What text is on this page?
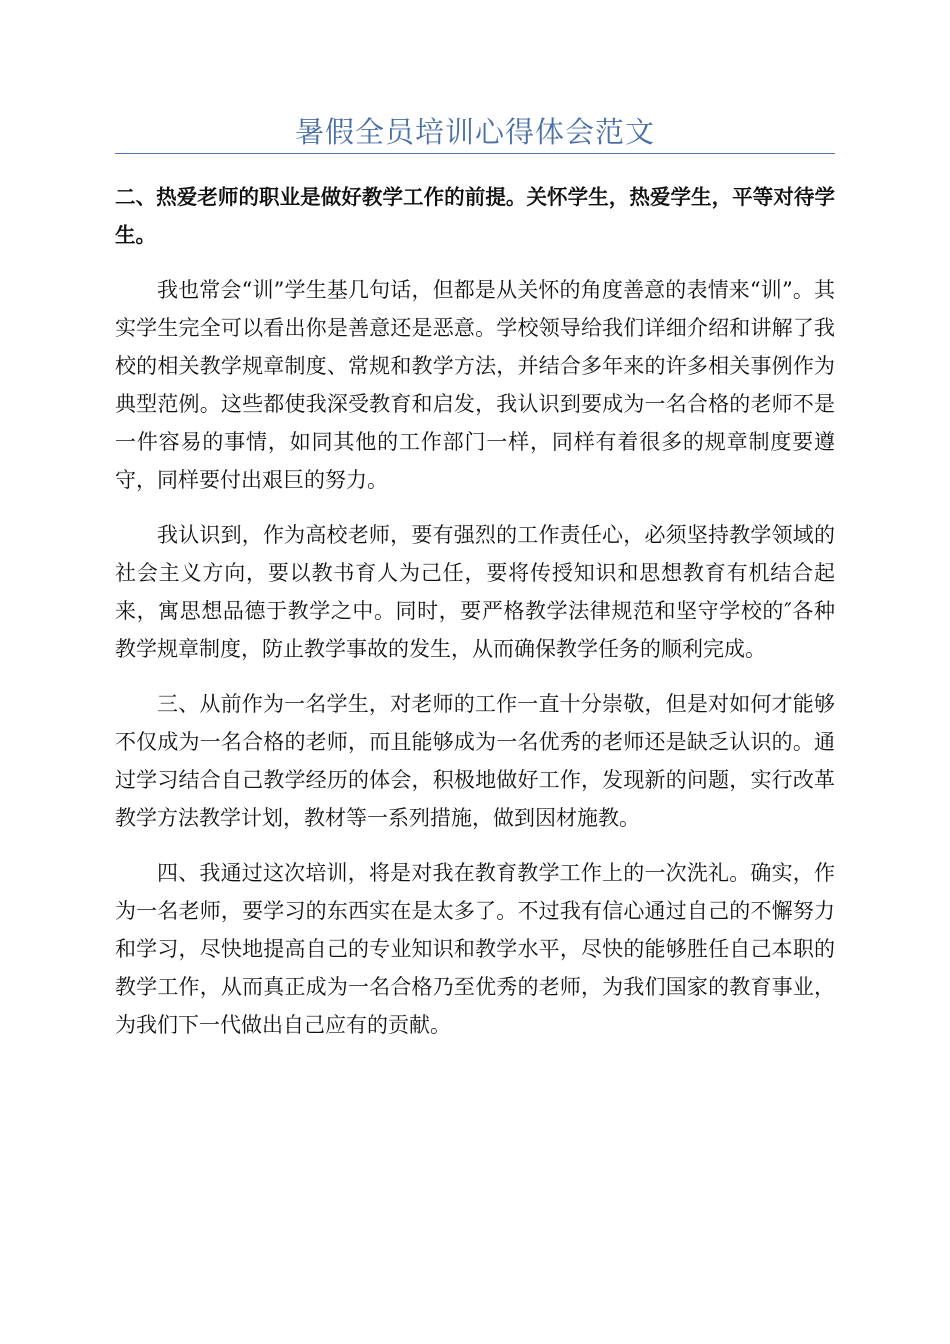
暑假全员培训心得体会范文

二、热爱老师的职业是做好教学工作的前提。关怀学生，热爱学生，平等对待学生。

我也常会“训”学生基几句话，但都是从关怀的角度善意的表情来“训”。其实学生完全可以看出你是善意还是恶意。学校领导给我们详细介绍和讲解了我校的相关教学规章制度、常规和教学方法，并结合多年来的许多相关事例作为典型范例。这些都使我深受教育和启发，我认识到要成为一名合格的老师不是一件容易的事情，如同其他的工作部门一样，同样有着很多的规章制度要遵守，同样要付出艰巨的努力。

我认识到，作为高校老师，要有强烈的工作责任心，必须坚持教学领域的社会主义方向，要以教书育人为己任，要将传授知识和思想教育有机结合起来，寓思想品德于教学之中。同时，要严格教学法律规范和坚守学校的″各种教学规章制度，防止教学事故的发生，从而确保教学任务的顺利完成。

三、从前作为一名学生，对老师的工作一直十分崇敬，但是对如何才能够不仅成为一名合格的老师，而且能够成为一名优秀的老师还是缺乏认识的。通过学习结合自己教学经历的体会，积极地做好工作，发现新的问题，实行改革教学方法教学计划，教材等一系列措施，做到因材施教。

四、我通过这次培训，将是对我在教育教学工作上的一次洗礼。确实，作为一名老师，要学习的东西实在是太多了。不过我有信心通过自己的不懈努力和学习，尽快地提高自己的专业知识和教学水平，尽快的能够胜任自己本职的教学工作，从而真正成为一名合格乃至优秀的老师，为我们国家的教育事业，为我们下一代做出自己应有的贡献。
